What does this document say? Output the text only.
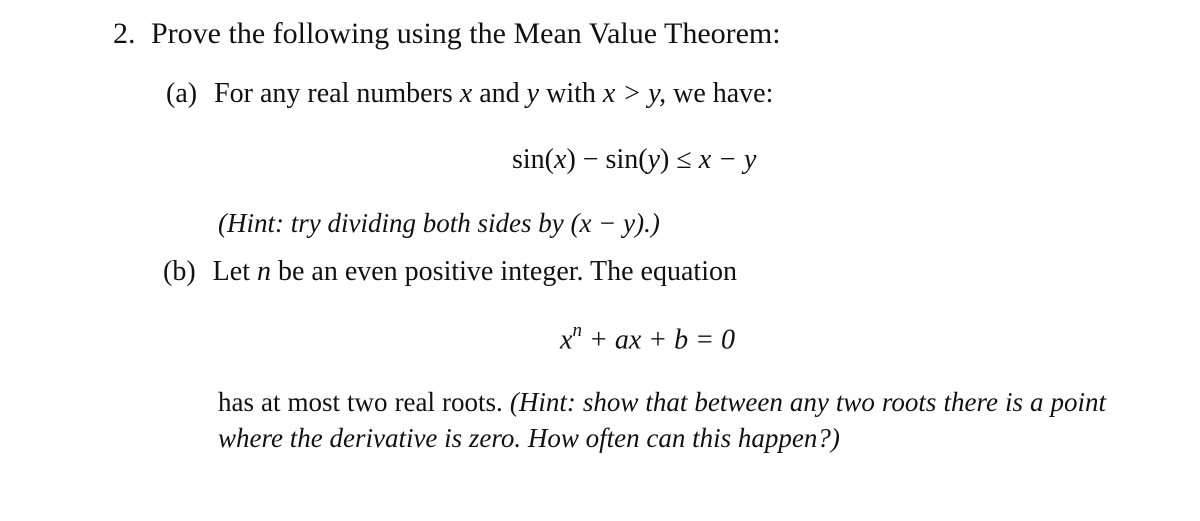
2. Prove the following using the Mean Value Theorem:
(a) For any real numbers x and y with x > y, we have:
sin(x) − sin(y) ≤ x − y
(Hint: try dividing both sides by (x − y).)
(b) Let n be an even positive integer. The equation
$x^n$ + ax + b = 0
has at most two real roots. (Hint: show that between any two roots there is a point where the derivative is zero. How often can this happen?)
